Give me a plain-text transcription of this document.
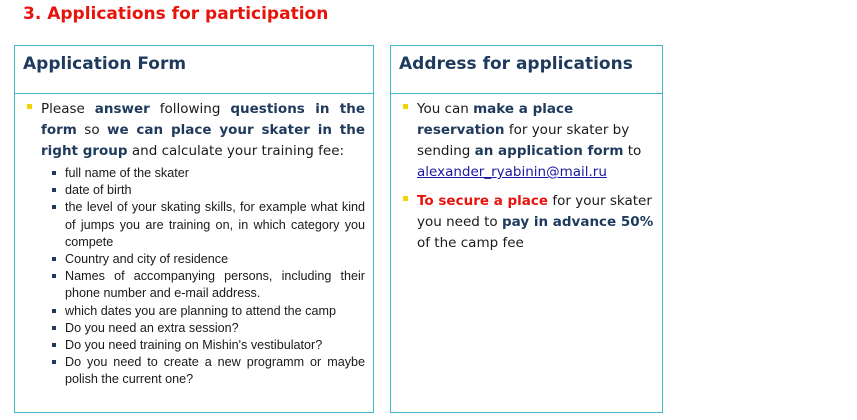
3. Applications for participation
Application Form
Please answer following questions in the form so we can place your skater in the right group and calculate your training fee:
full name of the skater
date of birth
the level of your skating skills, for example what kind of jumps you are training on, in which category you compete
Country and city of residence
Names of accompanying persons, including their phone number and e-mail address.
which dates you are planning to attend the camp
Do you need an extra session?
Do you need training on Mishin's vestibulator?
Do you need to create a new programm or maybe polish the current one?
Address for applications
You can make a place reservation for your skater by sending an application form to alexander_ryabinin@mail.ru
To secure a place for your skater you need to pay in advance 50% of the camp fee
